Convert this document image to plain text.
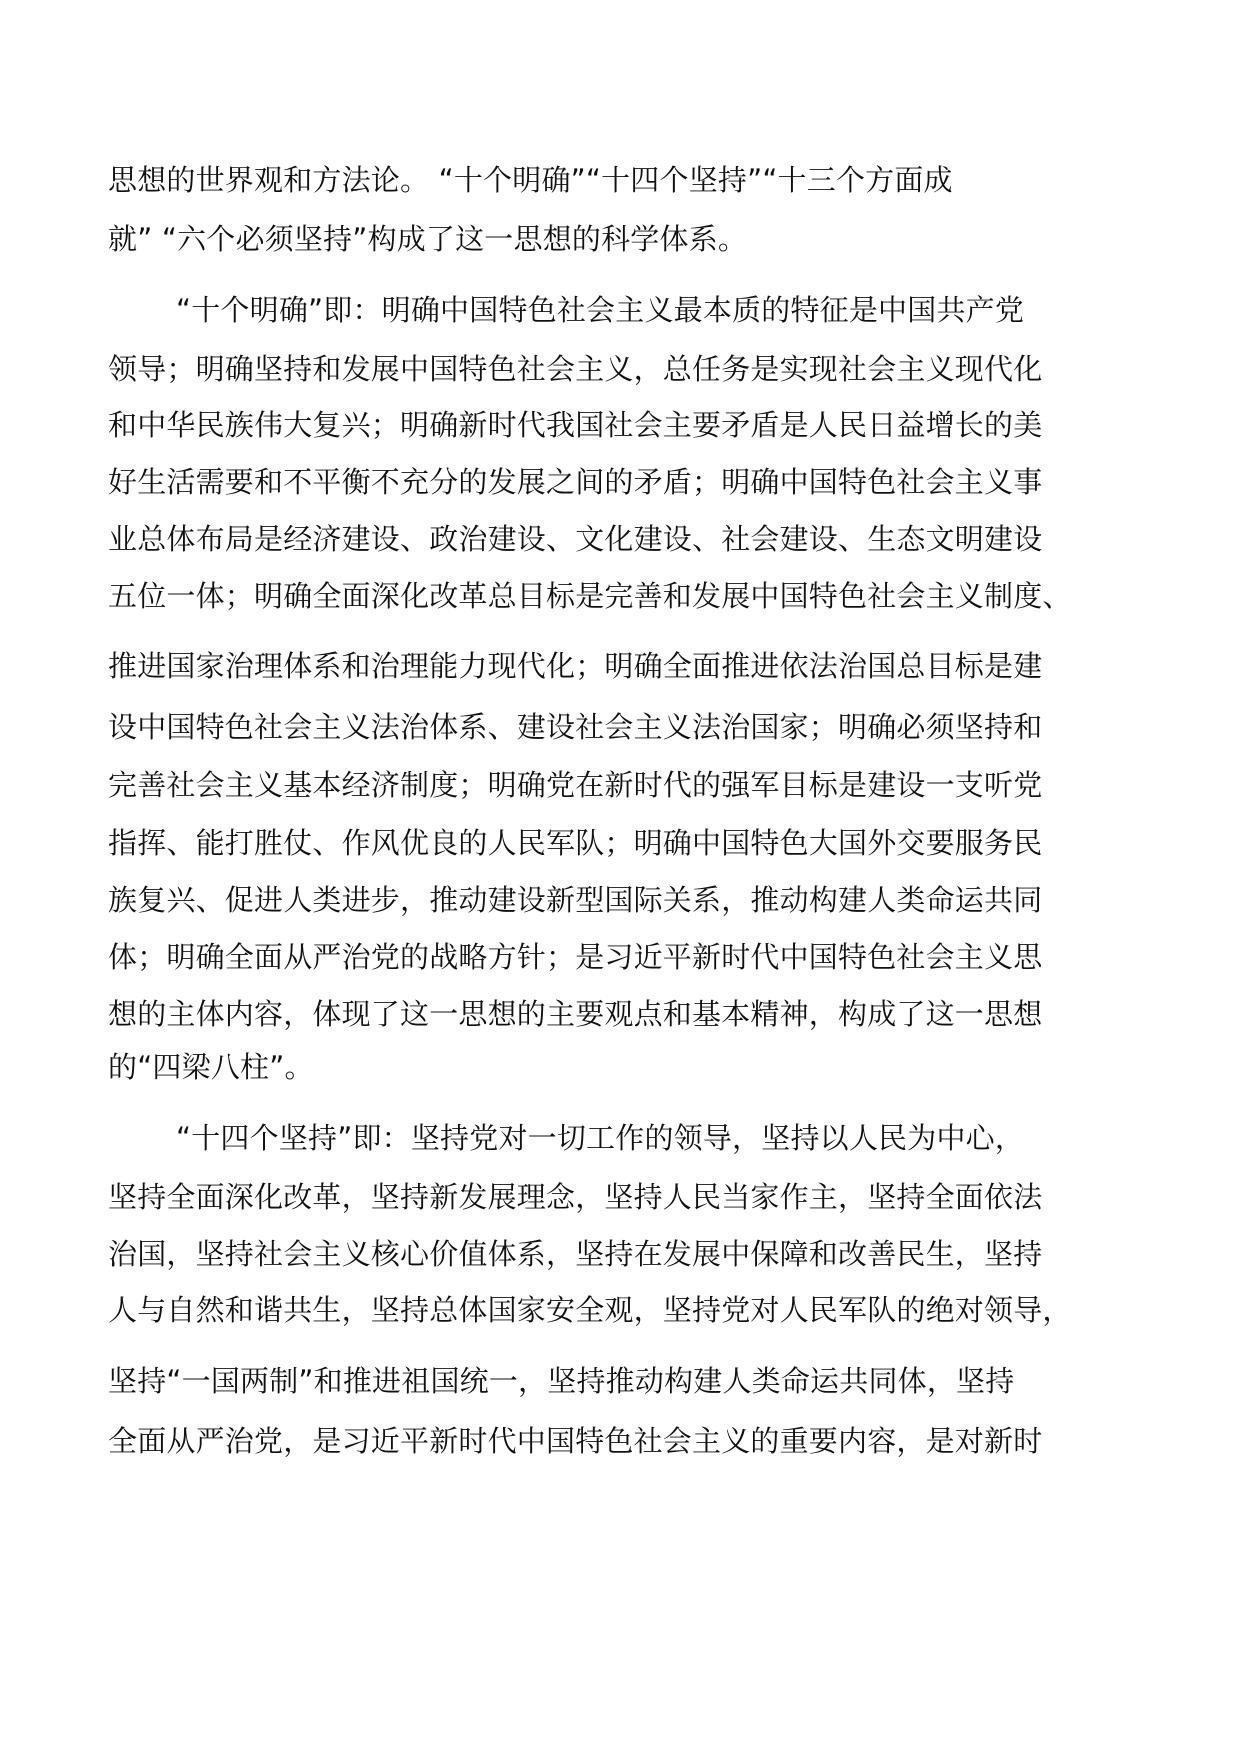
思想的世界观和方法论。 “十个明确”“十四个坚持”“十三个方面成
就” “六个必须坚持”构成了这一思想的科学体系。
“十个明确”即：明确中国特色社会主义最本质的特征是中国共产党
领导；明确坚持和发展中国特色社会主义，总任务是实现社会主义现代化
和中华民族伟大复兴；明确新时代我国社会主要矛盾是人民日益增长的美
好生活需要和不平衡不充分的发展之间的矛盾；明确中国特色社会主义事
业总体布局是经济建设、政治建设、文化建设、社会建设、生态文明建设
五位一体；明确全面深化改革总目标是完善和发展中国特色社会主义制度、
推进国家治理体系和治理能力现代化；明确全面推进依法治国总目标是建
设中国特色社会主义法治体系、建设社会主义法治国家；明确必须坚持和
完善社会主义基本经济制度；明确党在新时代的强军目标是建设一支听党
指挥、能打胜仗、作风优良的人民军队；明确中国特色大国外交要服务民
族复兴、促进人类进步，推动建设新型国际关系，推动构建人类命运共同
体；明确全面从严治党的战略方针；是习近平新时代中国特色社会主义思
想的主体内容，体现了这一思想的主要观点和基本精神，构成了这一思想
的“四梁八柱”。
“十四个坚持”即：坚持党对一切工作的领导，坚持以人民为中心，
坚持全面深化改革，坚持新发展理念，坚持人民当家作主，坚持全面依法
治国，坚持社会主义核心价值体系，坚持在发展中保障和改善民生，坚持
人与自然和谐共生，坚持总体国家安全观，坚持党对人民军队的绝对领导，
坚持“一国两制”和推进祖国统一，坚持推动构建人类命运共同体，坚持
全面从严治党，是习近平新时代中国特色社会主义的重要内容，是对新时
